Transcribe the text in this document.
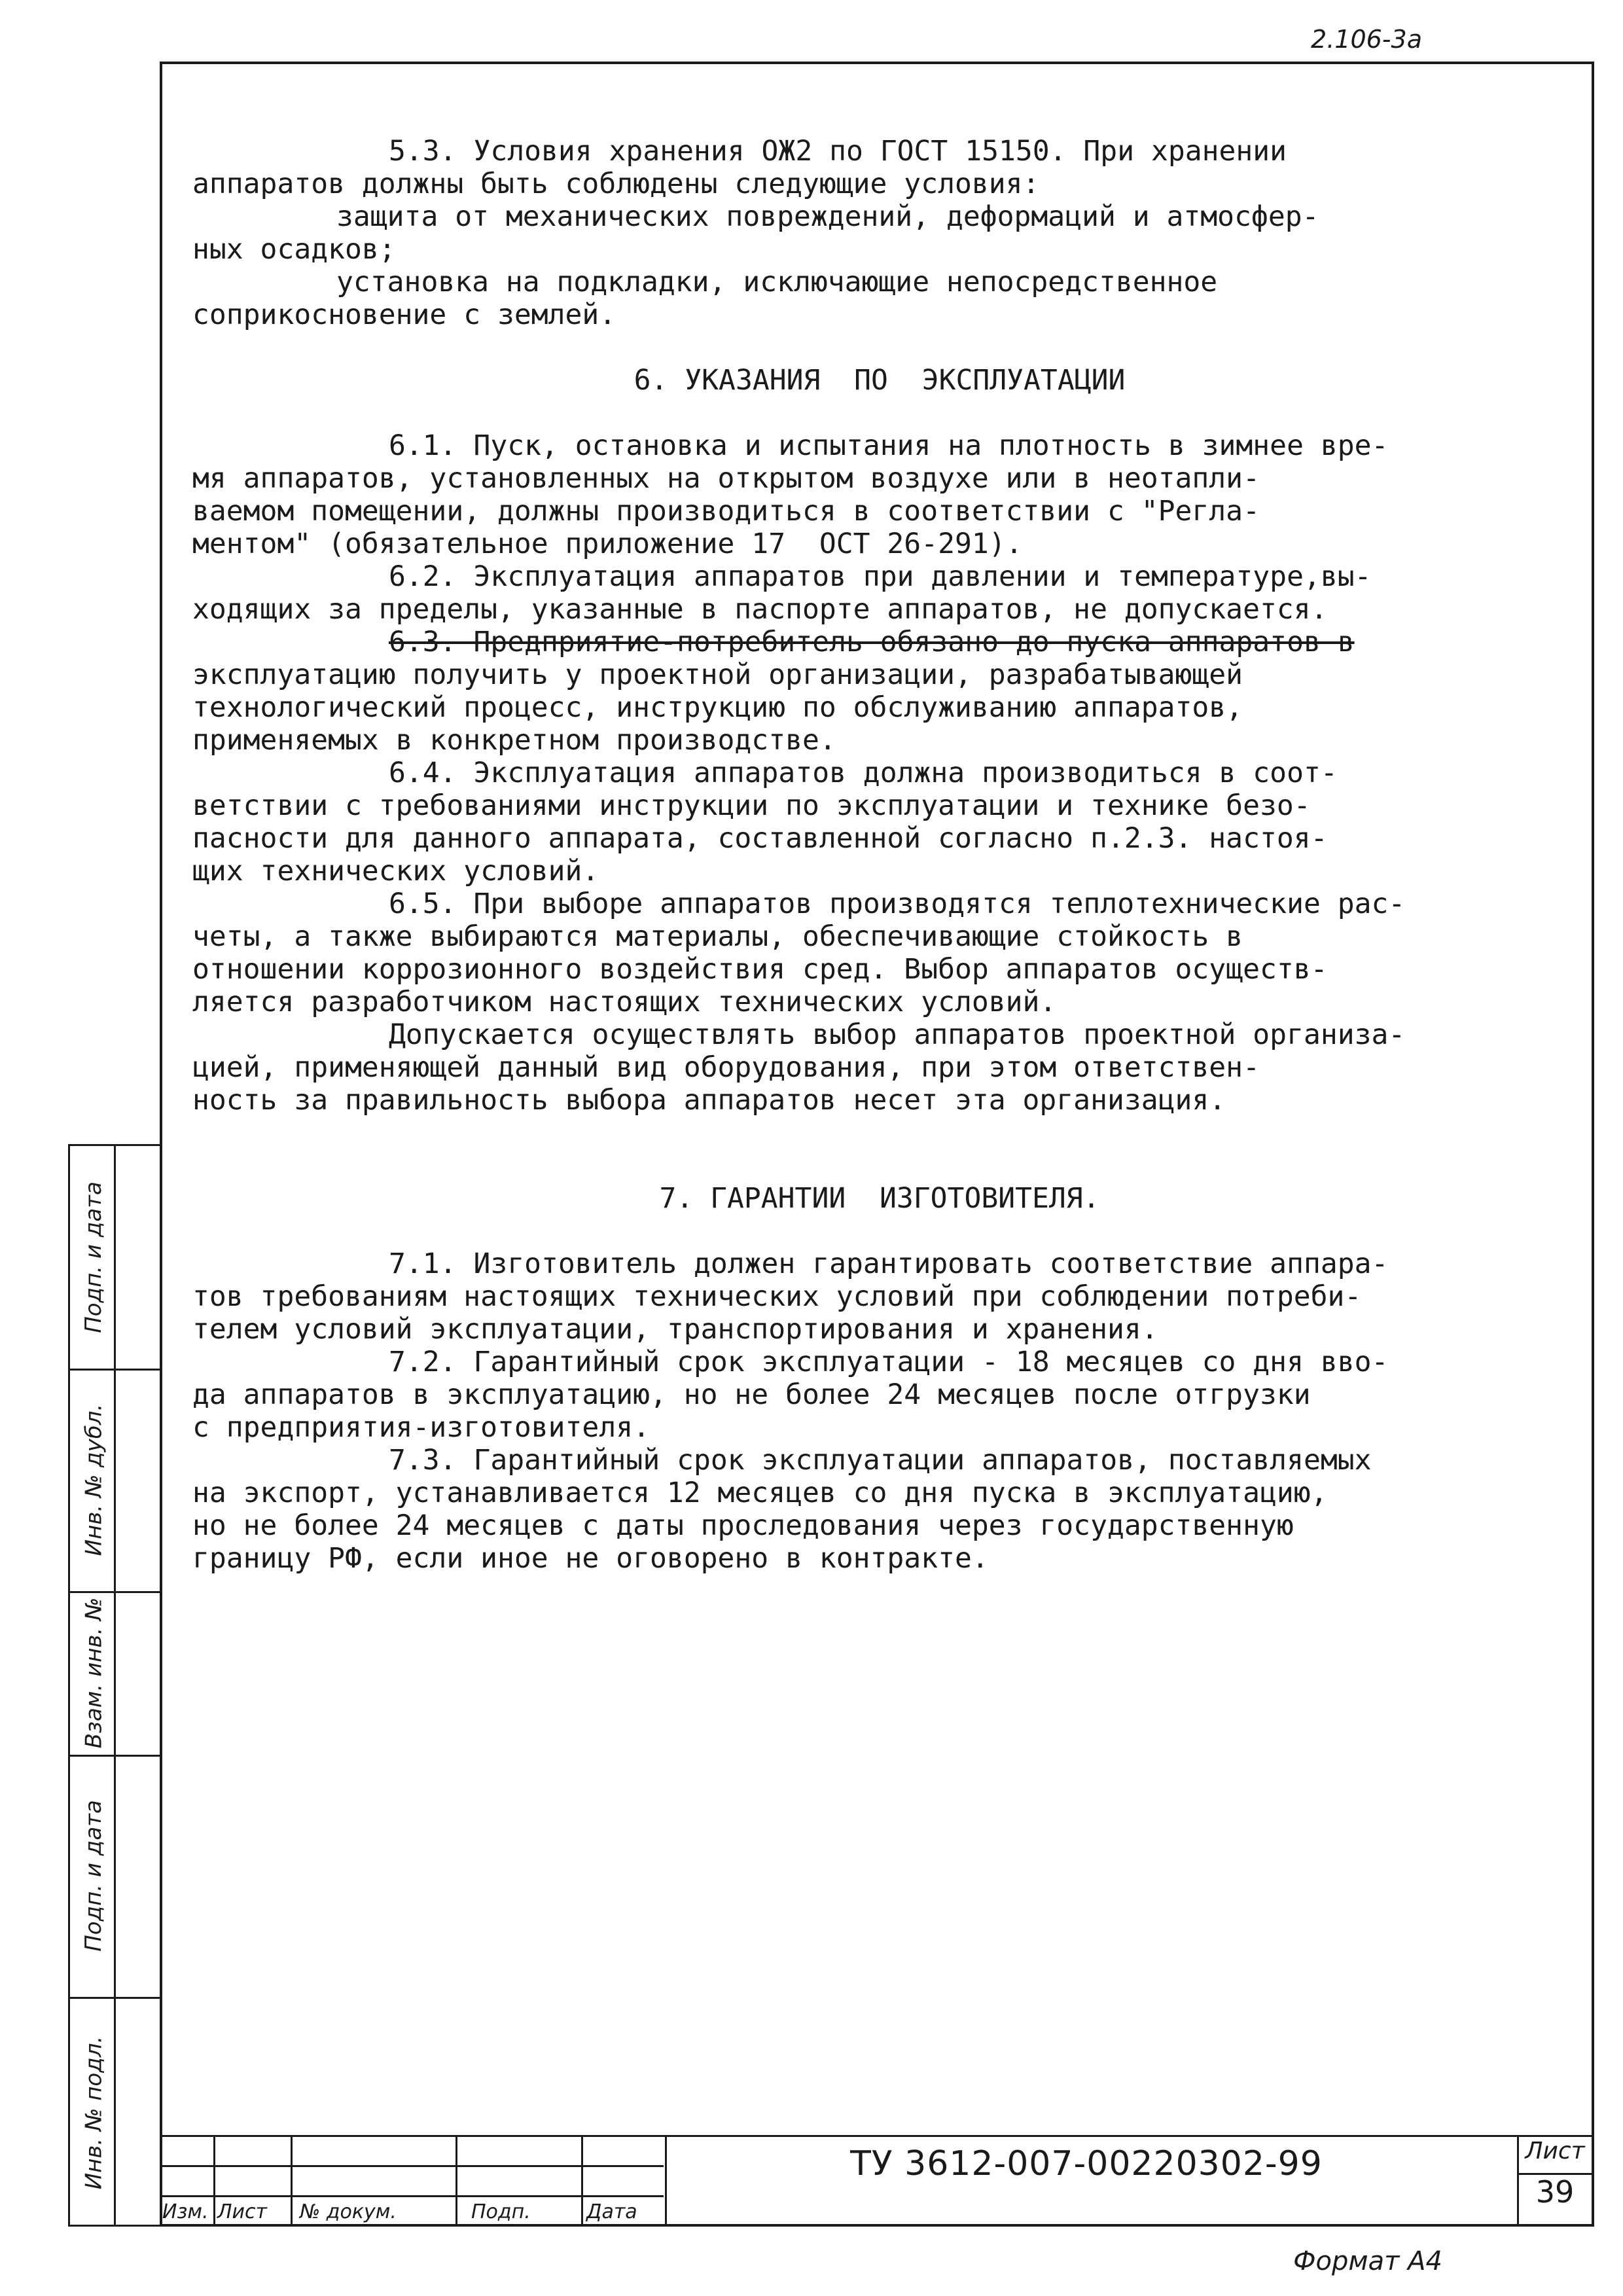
2.106-3а
5.3. Условия хранения ОЖ2 по ГОСТ 15150. При хранении
аппаратов должны быть соблюдены следующие условия:
защита от механических повреждений, деформаций и атмосфер-
ных осадков;
установка на подкладки, исключающие непосредственное
соприкосновение с землей.
6. УКАЗАНИЯ  ПО  ЭКСПЛУАТАЦИИ
6.1. Пуск, остановка и испытания на плотность в зимнее вре-
мя аппаратов, установленных на открытом воздухе или в неотапли-
ваемом помещении, должны производиться в соответствии с "Регла-
ментом" (обязательное приложение 17  ОСТ 26-291).
6.2. Эксплуатация аппаратов при давлении и температуре,вы-
ходящих за пределы, указанные в паспорте аппаратов, не допускается.
6.3. Предприятие-потребитель обязано до пуска аппаратов в
эксплуатацию получить у проектной организации, разрабатывающей
технологический процесс, инструкцию по обслуживанию аппаратов,
применяемых в конкретном производстве.
6.4. Эксплуатация аппаратов должна производиться в соот-
ветствии с требованиями инструкции по эксплуатации и технике безо-
пасности для данного аппарата, составленной согласно п.2.3. настоя-
щих технических условий.
6.5. При выборе аппаратов производятся теплотехнические рас-
четы, а также выбираются материалы, обеспечивающие стойкость в
отношении коррозионного воздействия сред. Выбор аппаратов осуществ-
ляется разработчиком настоящих технических условий.
Допускается осуществлять выбор аппаратов проектной организа-
цией, применяющей данный вид оборудования, при этом ответствен-
ность за правильность выбора аппаратов несет эта организация.
7. ГАРАНТИИ  ИЗГОТОВИТЕЛЯ.
7.1. Изготовитель должен гарантировать соответствие аппара-
тов требованиям настоящих технических условий при соблюдении потреби-
телем условий эксплуатации, транспортирования и хранения.
7.2. Гарантийный срок эксплуатации - 18 месяцев со дня вво-
да аппаратов в эксплуатацию, но не более 24 месяцев после отгрузки
с предприятия-изготовителя.
7.3. Гарантийный срок эксплуатации аппаратов, поставляемых
на экспорт, устанавливается 12 месяцев со дня пуска в эксплуатацию,
но не более 24 месяцев с даты проследования через государственную
границу РФ, если иное не оговорено в контракте.
Подп. и дата
Инв. № дубл.
Взам. инв. №
Подп. и дата
Инв. № подл.
Изм. Лист № докум.	Подп.	Дата
ТУ 3612-007-00220302-99	Лист
39
Формат А4
